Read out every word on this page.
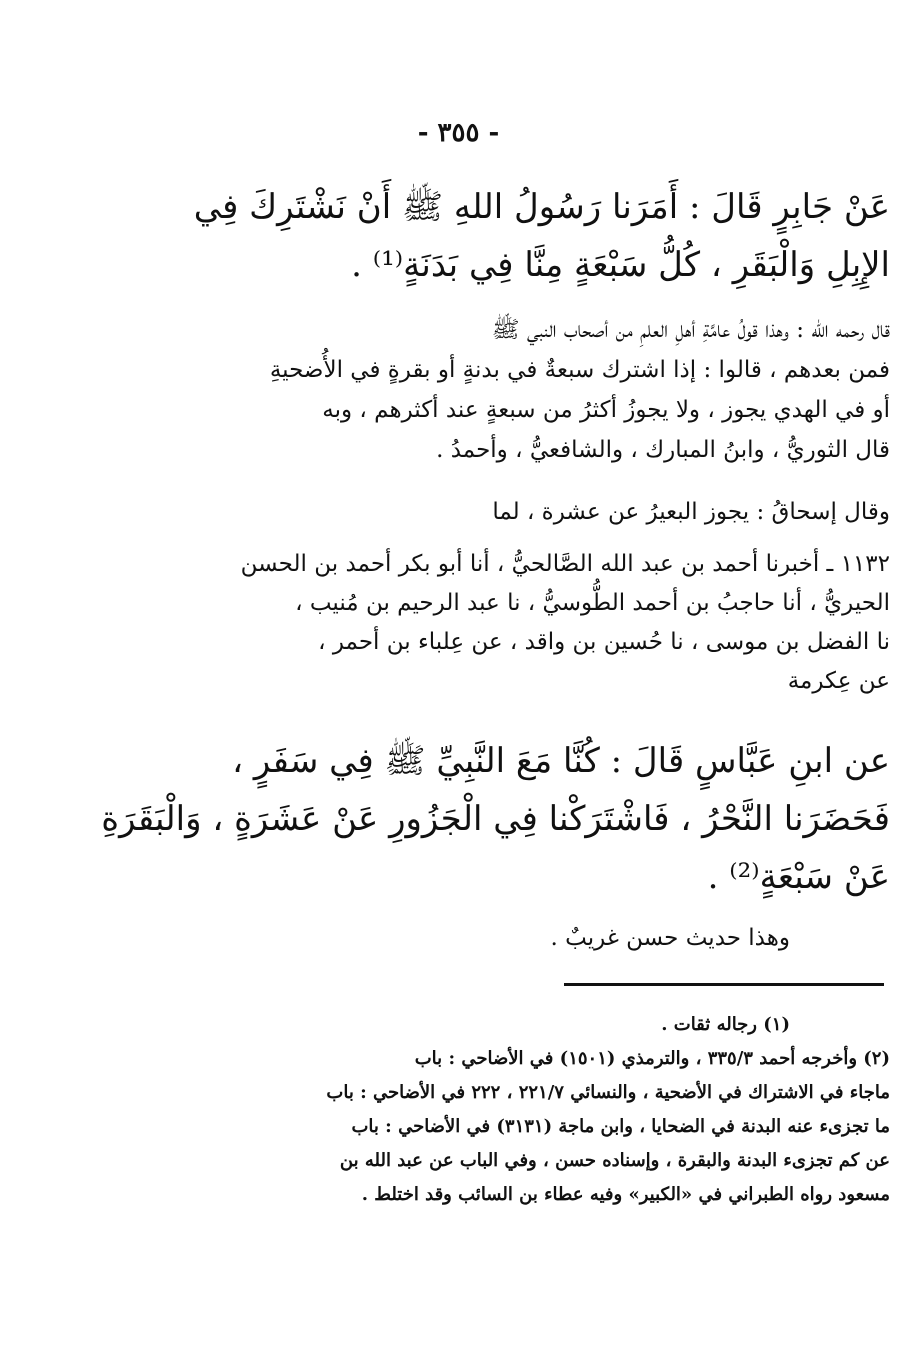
- ٣٥٥ -
عَنْ جَابِرٍ قَالَ : أَمَرَنا رَسُولُ اللهِ ﷺ أَنْ نَشْتَرِكَ فِي
الإِبِلِ وَالْبَقَرِ ، كُلُّ سَبْعَةٍ مِنَّا فِي بَدَنَةٍ⁽¹⁾ .
قال رحمه الله : وهذا قولُ عامَّةِ أهلِ العلمِ من أصحاب النبي ﷺ
فمن بعدهم ، قالوا : إذا اشترك سبعةٌ في بدنةٍ أو بقرةٍ في الأُضحيةِ
أو في الهدي يجوز ، ولا يجوزُ أكثرُ من سبعةٍ عند أكثرهم ، وبه
قال الثوريُّ ، وابنُ المبارك ، والشافعيُّ ، وأحمدُ .
وقال إسحاقُ : يجوز البعيرُ عن عشرة ، لما
١١٣٢ ـ أخبرنا أحمد بن عبد الله الصَّالحيُّ ، أنا أبو بكر أحمد بن الحسن
الحيريُّ ، أنا حاجبُ بن أحمد الطُّوسيُّ ، نا عبد الرحيم بن مُنيب ،
نا الفضل بن موسى ، نا حُسين بن واقد ، عن عِلباء بن أحمر ،
عن عِكرمة
عن ابنِ عَبَّاسٍ قَالَ : كُنَّا مَعَ النَّبِيِّ ﷺ فِي سَفَرٍ ،
فَحَضَرَنا النَّحْرُ ، فَاشْتَرَكْنا فِي الْجَزُورِ عَنْ عَشَرَةٍ ، وَالْبَقَرَةِ
عَنْ سَبْعَةٍ⁽²⁾ .
وهذا حديث حسن غريبٌ .
(١) رجاله ثقات .
(٢) وأخرجه أحمد ٣٣٥/٣ ، والترمذي (١٥٠١) في الأضاحي : باب
ماجاء في الاشتراك في الأضحية ، والنسائي ٢٢١/٧ ، ٢٢٢ في الأضاحي : باب
ما تجزىء عنه البدنة في الضحايا ، وابن ماجة (٣١٣١) في الأضاحي : باب
عن كم تجزىء البدنة والبقرة ، وإسناده حسن ، وفي الباب عن عبد الله بن
مسعود رواه الطبراني في «الكبير» وفيه عطاء بن السائب وقد اختلط .
